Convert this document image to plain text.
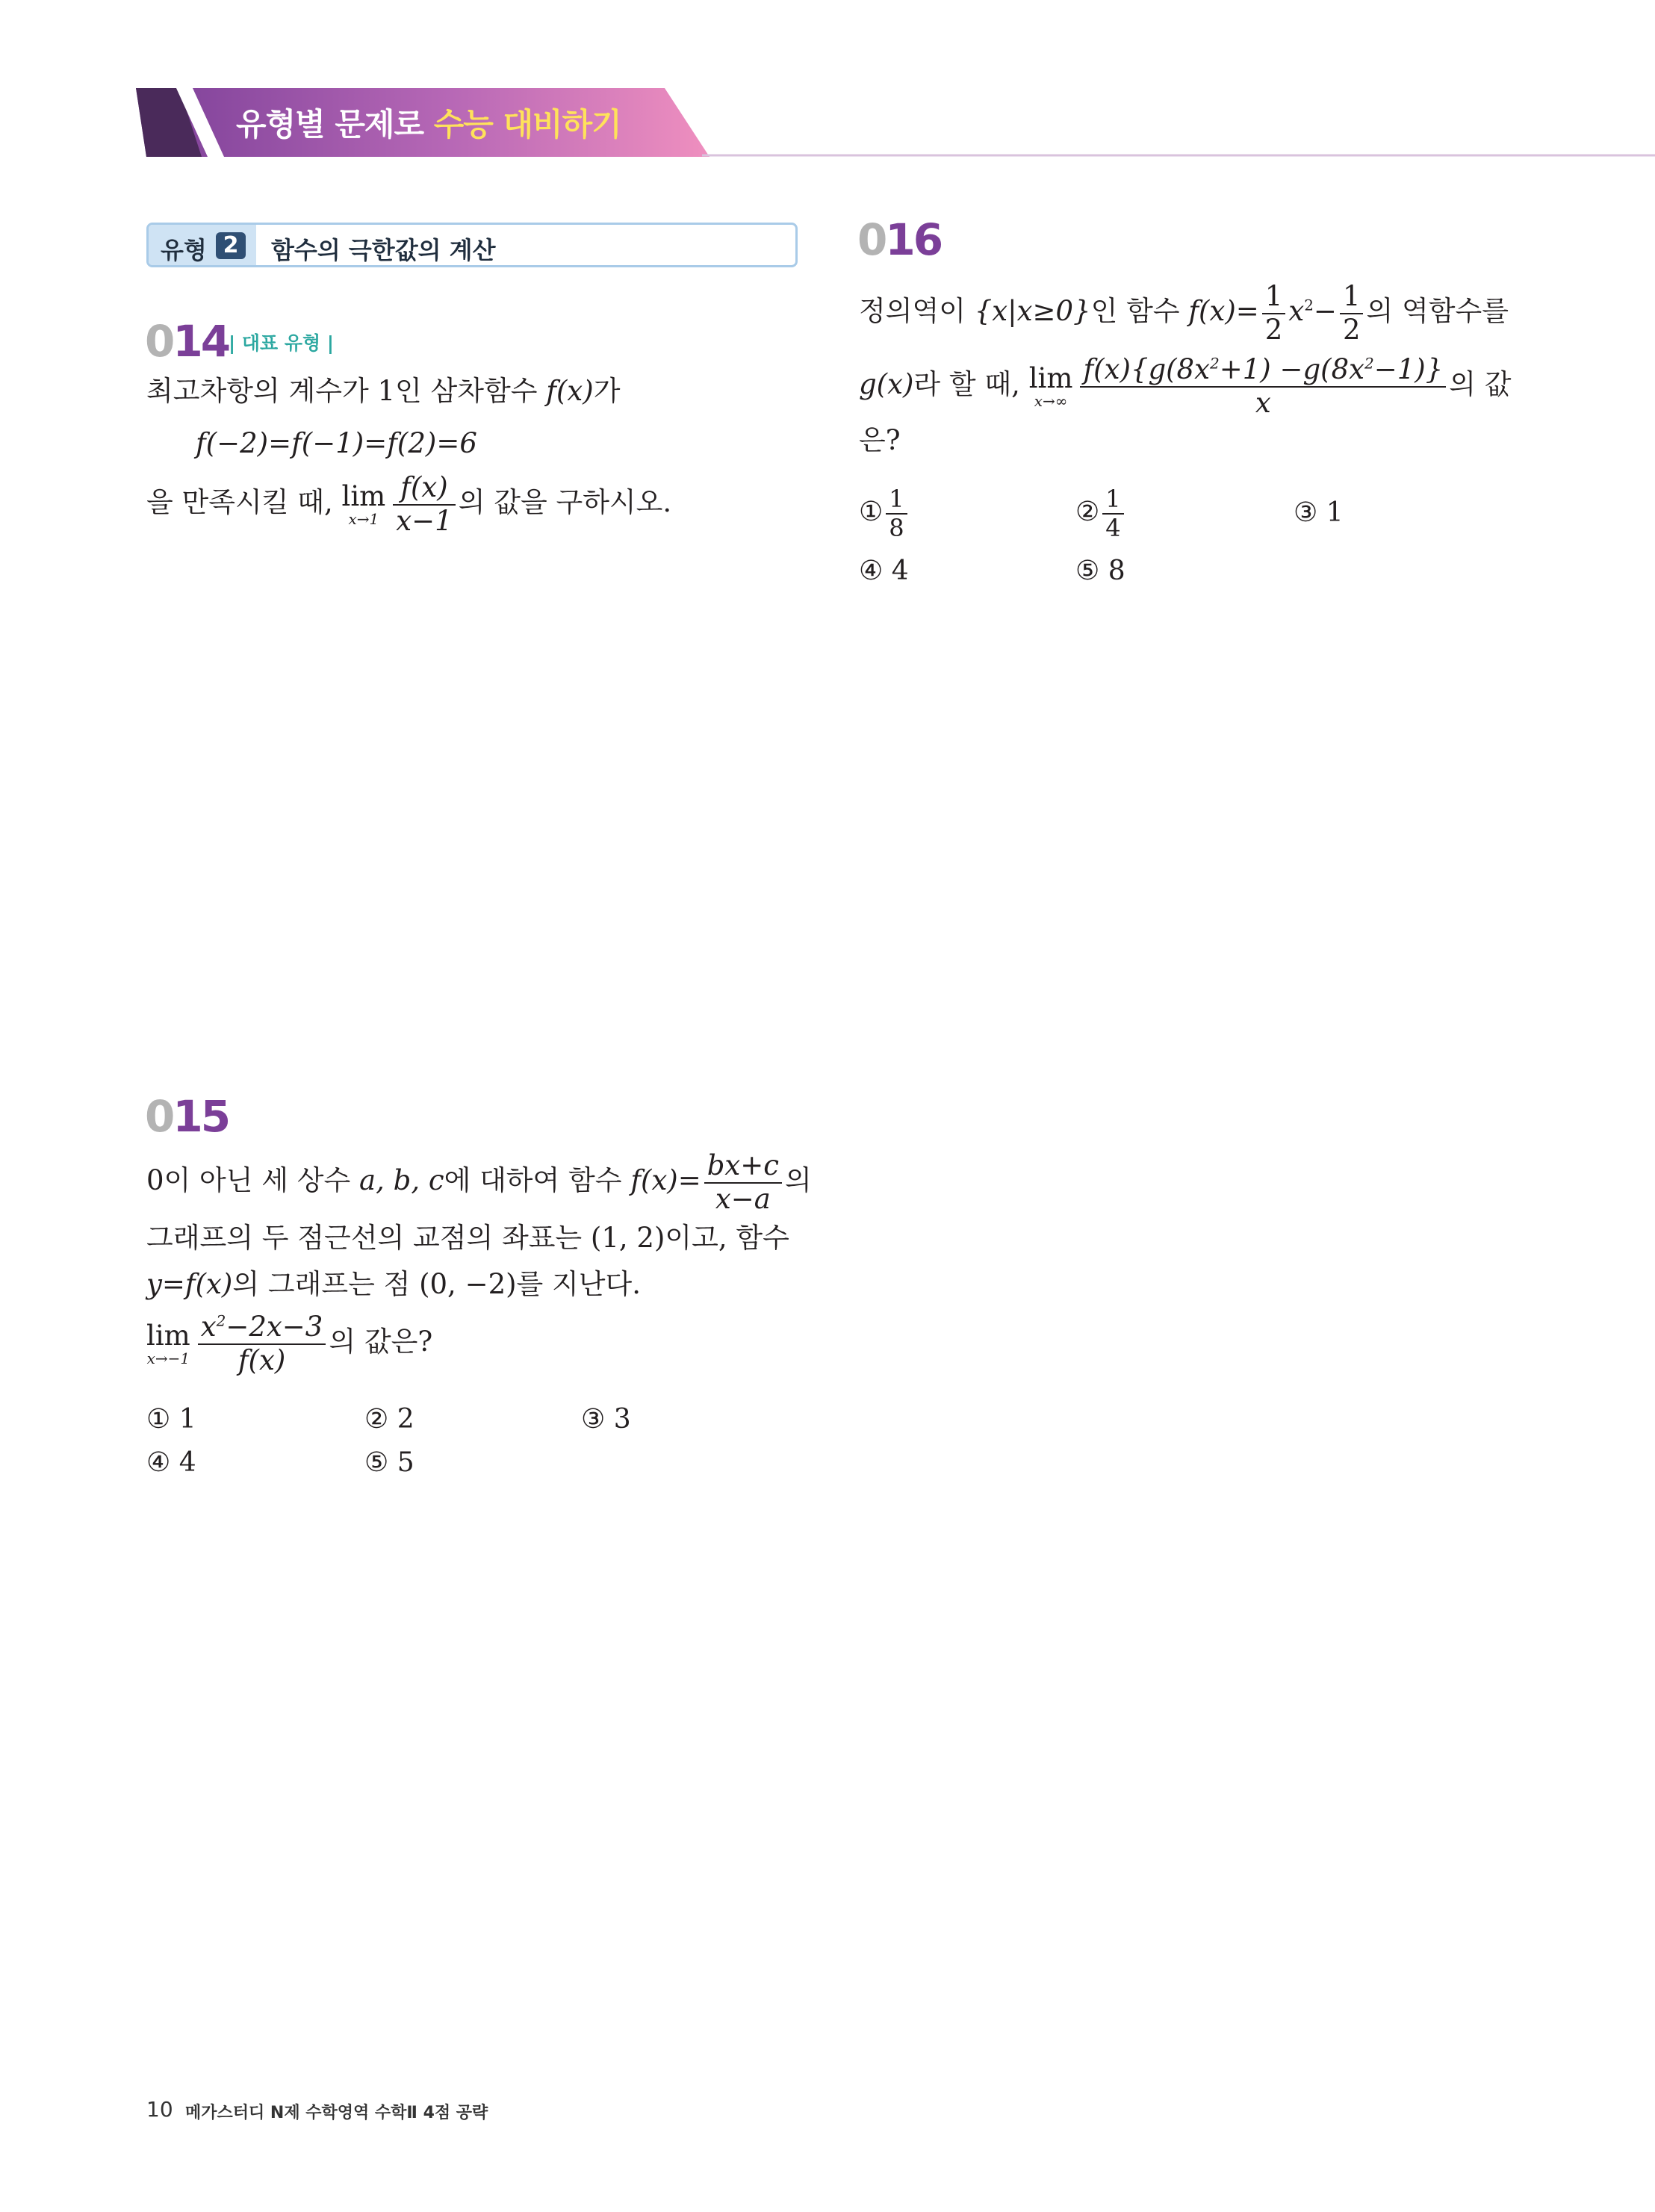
유형별 문제로 수능 대비하기
유형 2 함수의 극한값의 계산
014 | 대표 유형 |
최고차항의 계수가 1인 삼차함수 f(x)가
f(−2)=f(−1)=f(2)=6
을 만족시킬 때, lim
$x\to 1 \frac{f(x)}{x-1}$ 의 값을 구하시오.
015
0이 아닌 세 상수 a, b, c에 대하여 함수 $f(x)= \frac{bx+c}{x-a}$ 의
그래프의 두 점근선의 교점의 좌표는 (1, 2)이고, 함수
y=f(x)의 그래프는 점 (0, −2)를 지난다.
lim
$x\to-1 \frac{x^2-2x-3}{f(x)}$ 의 값은?
① 1	② 2	③ 3
④ 4	⑤ 5
016
정의역이 {x|x≥0}인 함수 $f(x)= \frac{1}{2} x^2- \frac{1}{2}$ 의 역함수를
g(x)라 할 때, lim
$x\to\infty \frac{f(x)\{g(8x^2+1) -g(8x^2-1)\}}{x}$ 의 값
은?
① $\frac{1}{8}$	② $\frac{1}{4}$	③ 1
④ 4	⑤ 8
10 메가스터디 N제 수학영역 수학Ⅱ 4점 공략
